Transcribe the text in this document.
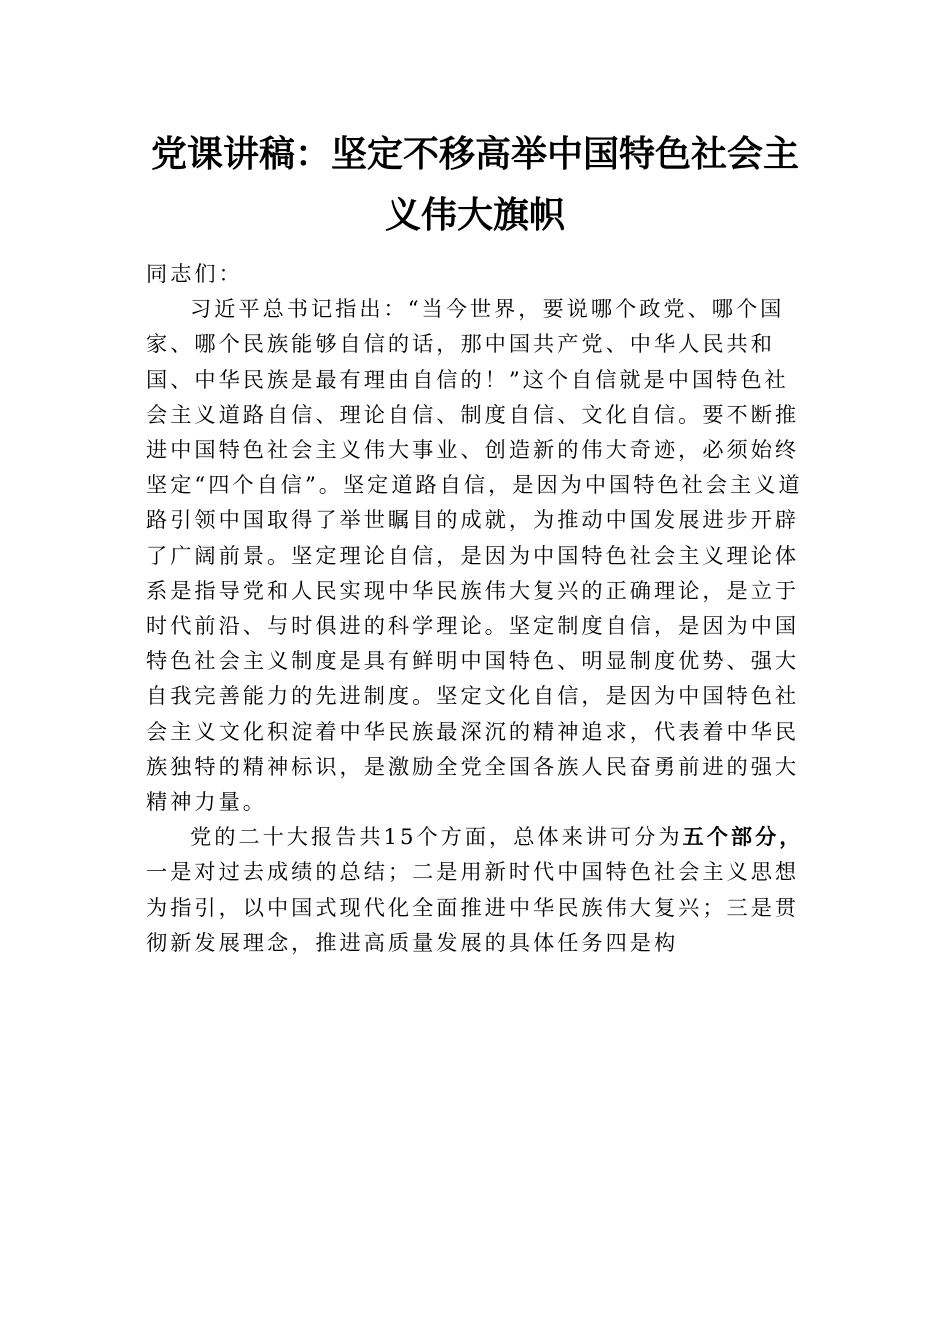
党课讲稿：坚定不移高举中国特色社会主义伟大旗帜

同志们：

习近平总书记指出：“当今世界，要说哪个政党、哪个国家、哪个民族能够自信的话，那中国共产党、中华人民共和国、中华民族是最有理由自信的！”这个自信就是中国特色社会主义道路自信、理论自信、制度自信、文化自信。要不断推进中国特色社会主义伟大事业、创造新的伟大奇迹，必须始终坚定“四个自信”。坚定道路自信，是因为中国特色社会主义道路引领中国取得了举世瞩目的成就，为推动中国发展进步开辟了广阔前景。坚定理论自信，是因为中国特色社会主义理论体系是指导党和人民实现中华民族伟大复兴的正确理论，是立于时代前沿、与时俱进的科学理论。坚定制度自信，是因为中国特色社会主义制度是具有鲜明中国特色、明显制度优势、强大自我完善能力的先进制度。坚定文化自信，是因为中国特色社会主义文化积淀着中华民族最深沉的精神追求，代表着中华民族独特的精神标识，是激励全党全国各族人民奋勇前进的强大精神力量。

党的二十大报告共15个方面，总体来讲可分为五个部分，一是对过去成绩的总结；二是用新时代中国特色社会主义思想为指引，以中国式现代化全面推进中华民族伟大复兴；三是贯彻新发展理念，推进高质量发展的具体任务四是构
